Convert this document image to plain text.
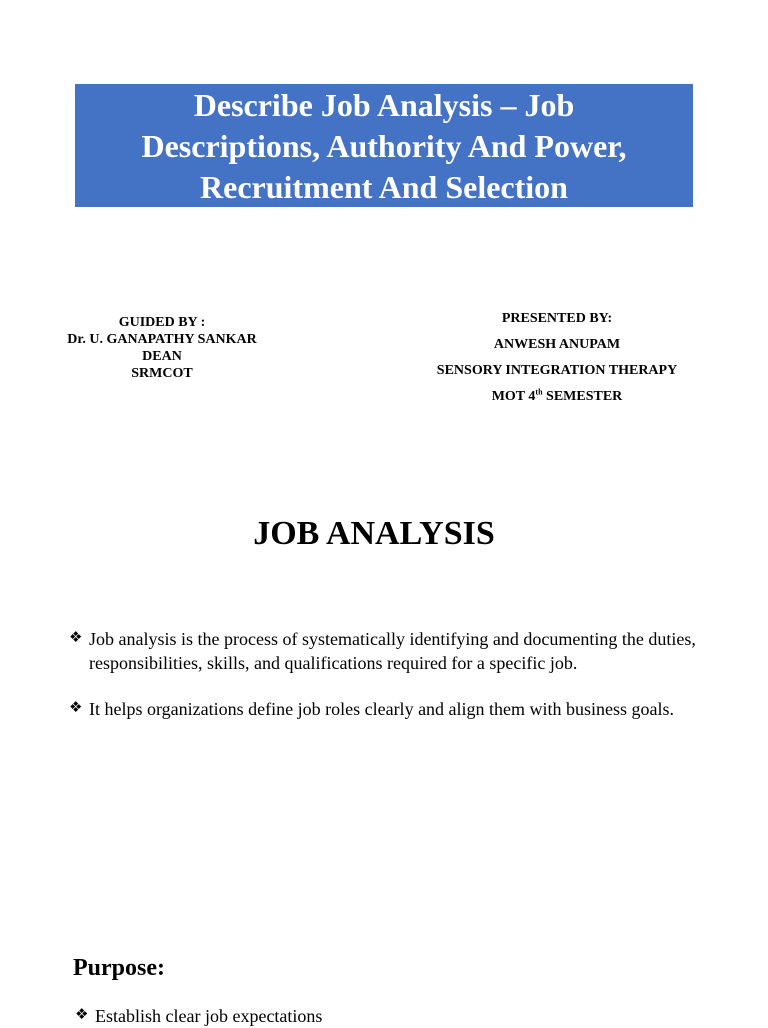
Describe Job Analysis – Job
Descriptions, Authority And Power,
Recruitment And Selection
GUIDED BY :
Dr. U. GANAPATHY SANKAR
DEAN
SRMCOT
PRESENTED BY:
ANWESH ANUPAM
SENSORY INTEGRATION THERAPY
MOT 4th SEMESTER
JOB ANALYSIS
❖ Job analysis is the process of systematically identifying and documenting the duties, responsibilities, skills, and qualifications required for a specific job.
❖ It helps organizations define job roles clearly and align them with business goals.
Purpose:
❖ Establish clear job expectations
